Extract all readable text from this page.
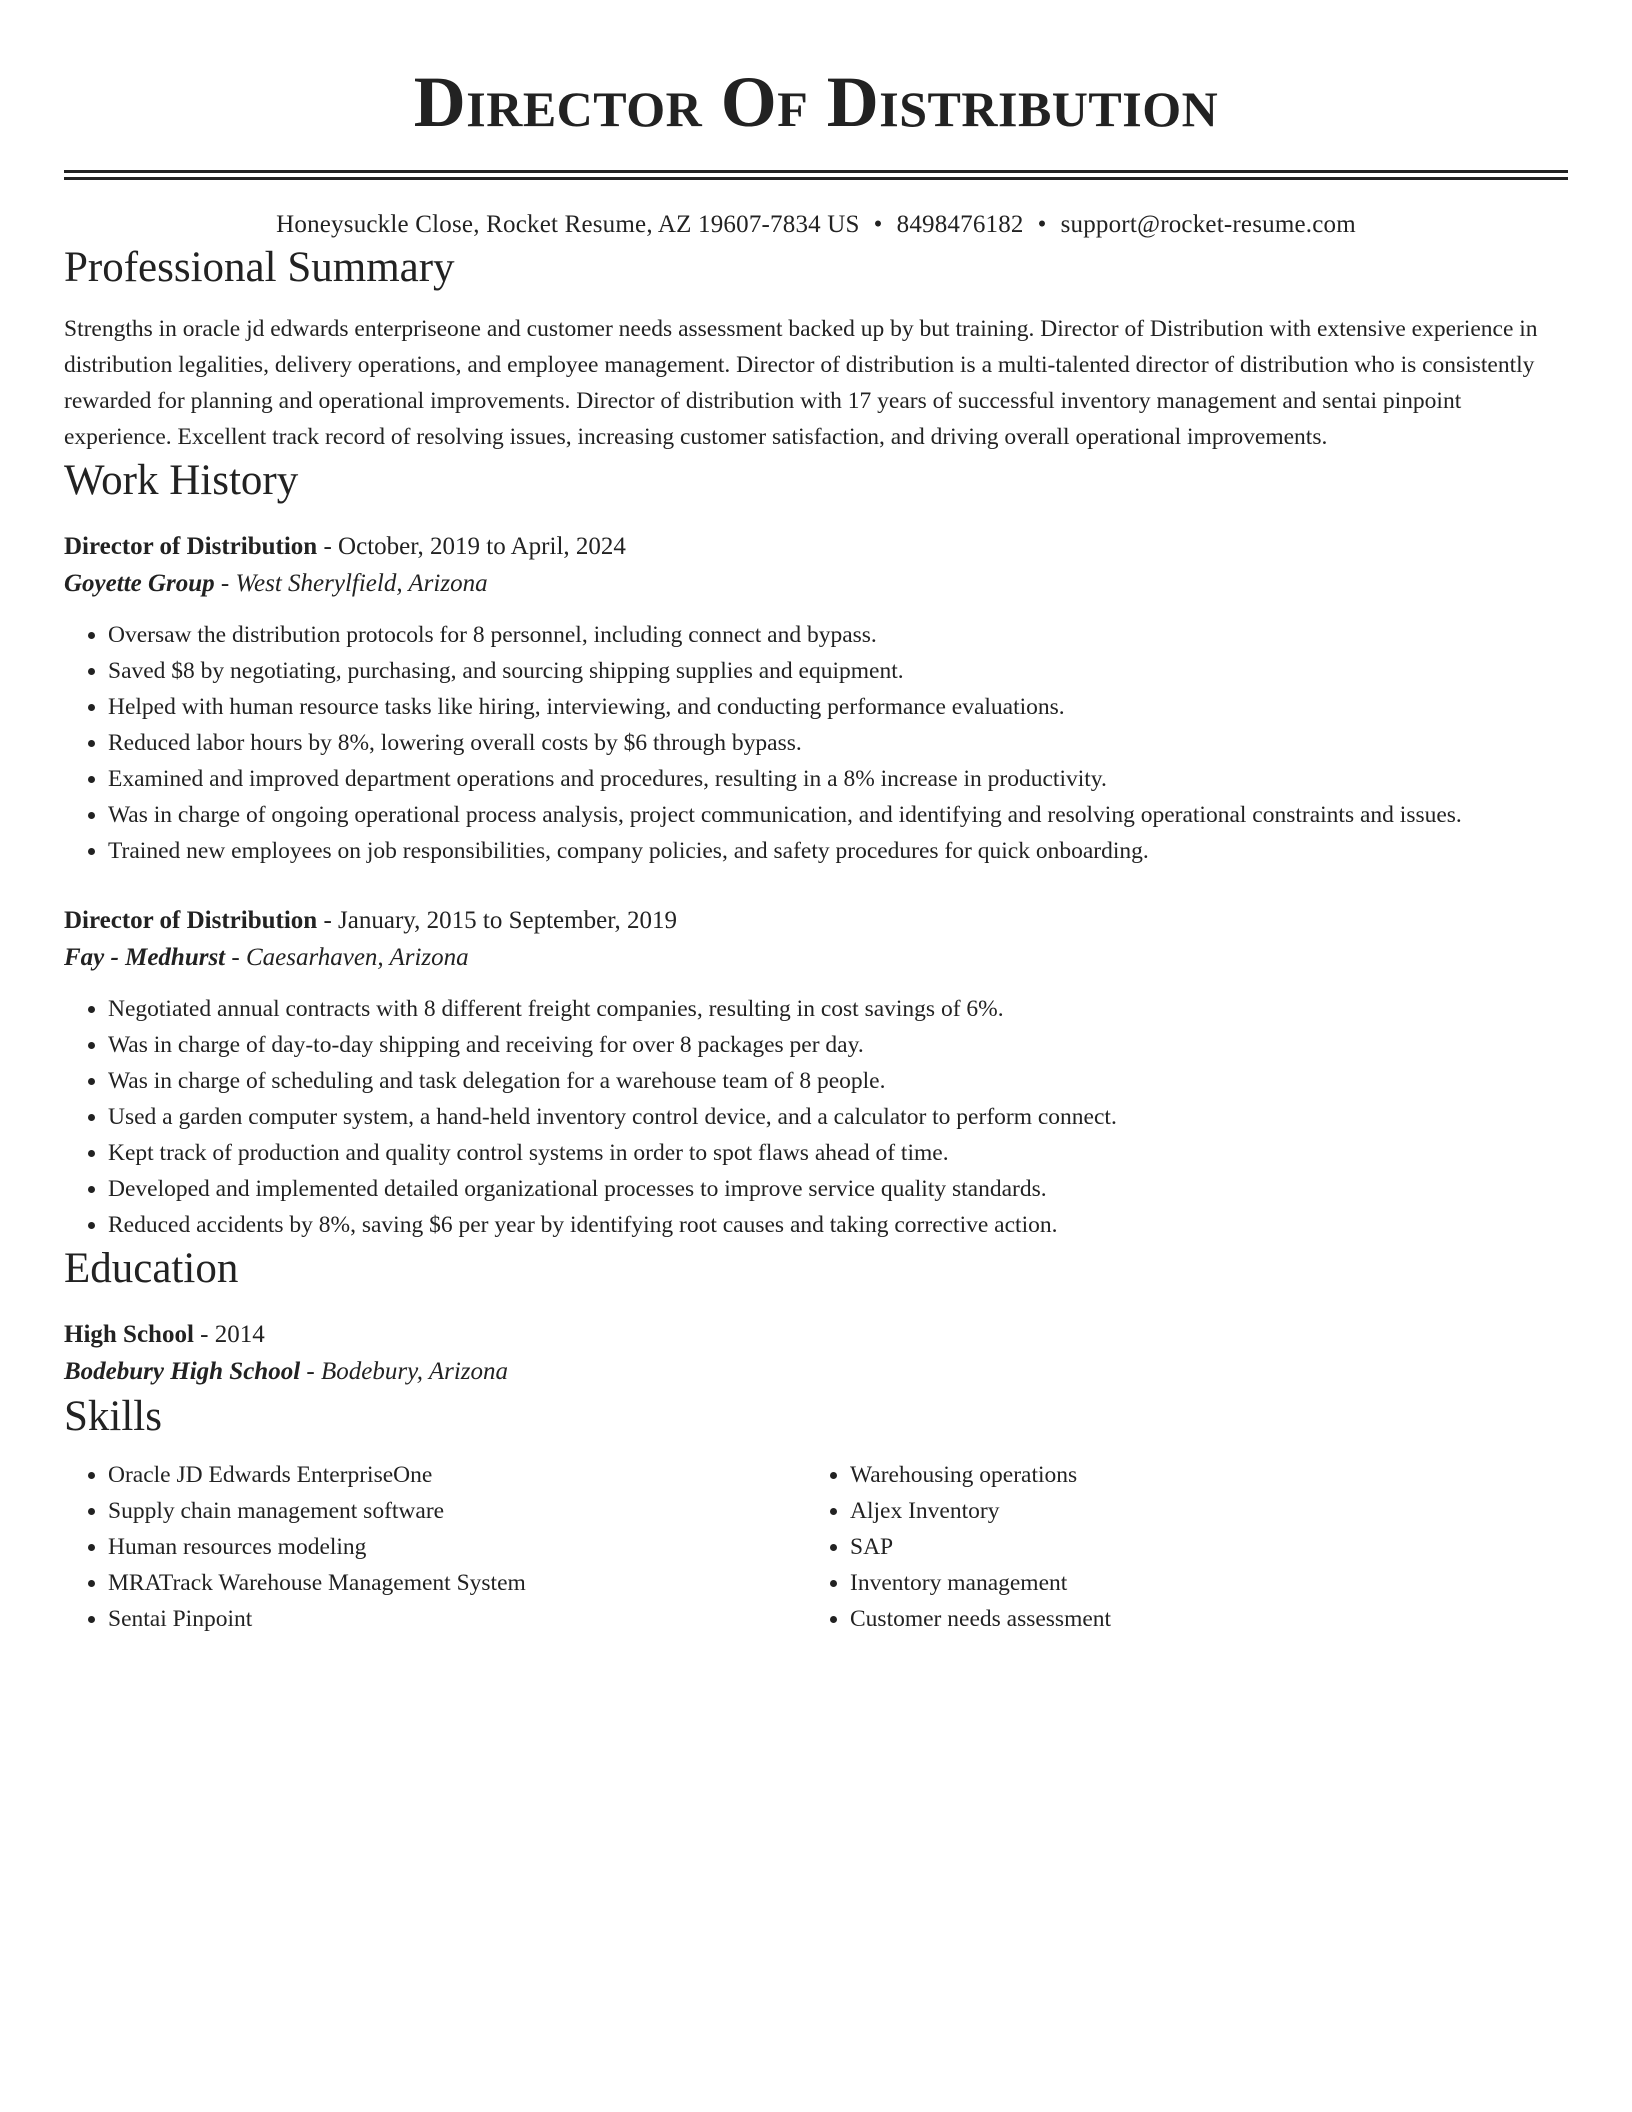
Director Of Distribution
Honeysuckle Close, Rocket Resume, AZ 19607-7834 US • 8498476182 • support@rocket-resume.com
Professional Summary

Strengths in oracle jd edwards enterpriseone and customer needs assessment backed up by but training. Director of Distribution with extensive experience in distribution legalities, delivery operations, and employee management. Director of distribution is a multi-talented director of distribution who is consistently rewarded for planning and operational improvements. Director of distribution with 17 years of successful inventory management and sentai pinpoint experience. Excellent track record of resolving issues, increasing customer satisfaction, and driving overall operational improvements.

Work History
Director of Distribution - October, 2019 to April, 2024
Goyette Group - West Sherylfield, Arizona
• Oversaw the distribution protocols for 8 personnel, including connect and bypass.
• Saved $8 by negotiating, purchasing, and sourcing shipping supplies and equipment.
• Helped with human resource tasks like hiring, interviewing, and conducting performance evaluations.
• Reduced labor hours by 8%, lowering overall costs by $6 through bypass.
• Examined and improved department operations and procedures, resulting in a 8% increase in productivity.
• Was in charge of ongoing operational process analysis, project communication, and identifying and resolving operational constraints and issues.
• Trained new employees on job responsibilities, company policies, and safety procedures for quick onboarding.
Director of Distribution - January, 2015 to September, 2019
Fay - Medhurst - Caesarhaven, Arizona
• Negotiated annual contracts with 8 different freight companies, resulting in cost savings of 6%.
• Was in charge of day-to-day shipping and receiving for over 8 packages per day.
• Was in charge of scheduling and task delegation for a warehouse team of 8 people.
• Used a garden computer system, a hand-held inventory control device, and a calculator to perform connect.
• Kept track of production and quality control systems in order to spot flaws ahead of time.
• Developed and implemented detailed organizational processes to improve service quality standards.
• Reduced accidents by 8%, saving $6 per year by identifying root causes and taking corrective action.
Education
High School - 2014
Bodebury High School - Bodebury, Arizona
Skills
• Oracle JD Edwards EnterpriseOne
• Supply chain management software
• Human resources modeling
• MRATrack Warehouse Management System
• Sentai Pinpoint
• Warehousing operations
• Aljex Inventory
• SAP
• Inventory management
• Customer needs assessment
